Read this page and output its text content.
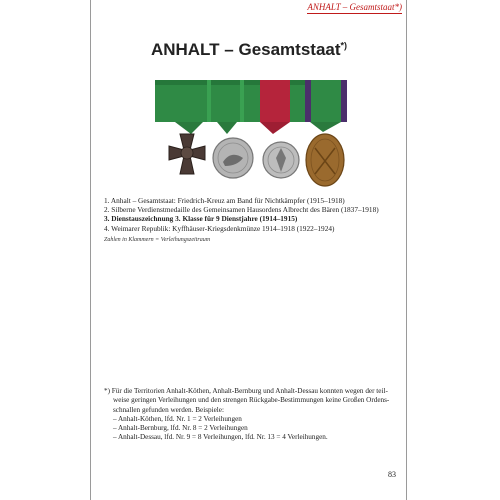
ANHALT – Gesamtstaat*)
ANHALT – Gesamtstaat*)
1. Anhalt – Gesamtstaat: Friedrich-Kreuz am Band für Nichtkämpfer (1915–1918)
2. Silberne Verdienstmedaille des Gemeinsamen Hausordens Albrecht des Bären (1837–1918)
3. Dienstauszeichnung 3. Klasse für 9 Dienstjahre (1914–1915)
4. Weimarer Republik: Kyffhäuser-Kriegsdenkmünze 1914–1918 (1922–1924)
Zahlen in Klammern = Verleihungszeitraum
*) Für die Territorien Anhalt-Köthen, Anhalt-Bernburg und Anhalt-Dessau konnten wegen der teil-
weise geringen Verleihungen und den strengen Rückgabe-Bestimmungen keine Großen Ordens-
schnallen gefunden werden. Beispiele:
– Anhalt-Köthen, lfd. Nr. 1 = 2 Verleihungen
– Anhalt-Bernburg, lfd. Nr. 8 = 2 Verleihungen
– Anhalt-Dessau, lfd. Nr. 9 = 8 Verleihungen, lfd. Nr. 13 = 4 Verleihungen.
83
